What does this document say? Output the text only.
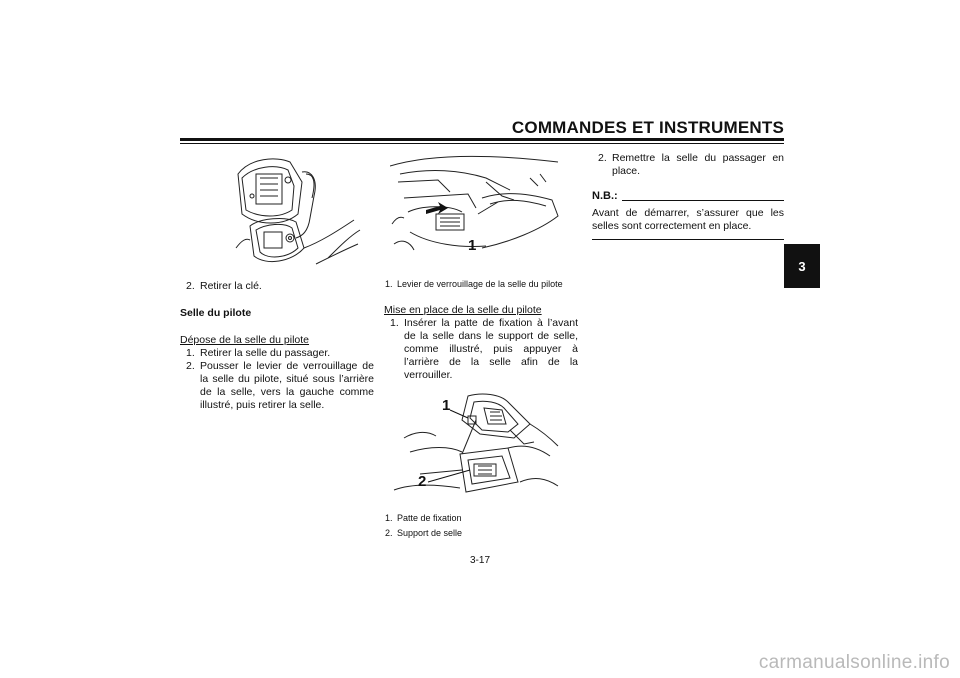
COMMANDES ET INSTRUMENTS
3
2. Retirer la clé.
Selle du pilote
Dépose de la selle du pilote
1. Retirer la selle du passager.
2. Pousser le levier de verrouillage de la selle du pilote, situé sous l’arrière de la selle, vers la gauche comme illustré, puis retirer la selle.
1
1. Levier de verrouillage de la selle du pilote
Mise en place de la selle du pilote
1. Insérer la patte de fixation à l’avant de la selle dans le support de selle, comme illustré, puis appuyer à l’arrière de la selle afin de la verrouiller.
1
2
1. Patte de fixation
2. Support de selle
2. Remettre la selle du passager en place.
N.B.:
Avant de démarrer, s’assurer que les selles sont correctement en place.
3-17
carmanualsonline.info
